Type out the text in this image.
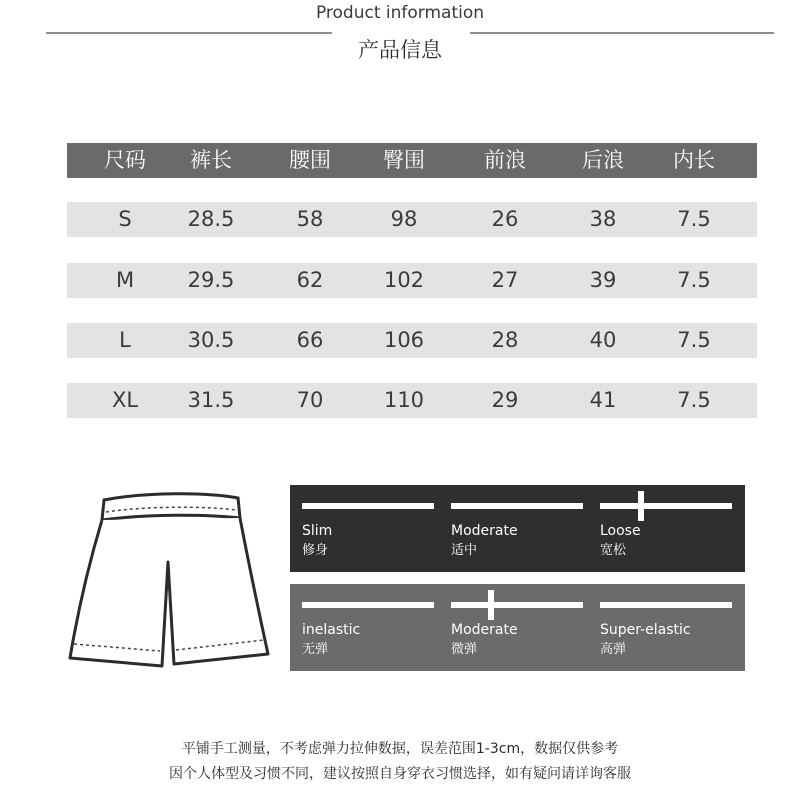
Product information
产品信息
尺码	裤长	腰围	臀围	前浪	后浪	内长
S	28.5	58	98	26	38	7.5
M	29.5	62	102	27	39	7.5
L	30.5	66	106	28	40	7.5
XL	31.5	70	110	29	41	7.5
Slim
修身
Moderate
适中
Loose
宽松
inelastic
无弹
Moderate
微弹
Super-elastic
高弹
平铺手工测量，不考虑弹力拉伸数据，误差范围1-3cm，数据仅供参考
因个人体型及习惯不同，建议按照自身穿衣习惯选择，如有疑问请详询客服
